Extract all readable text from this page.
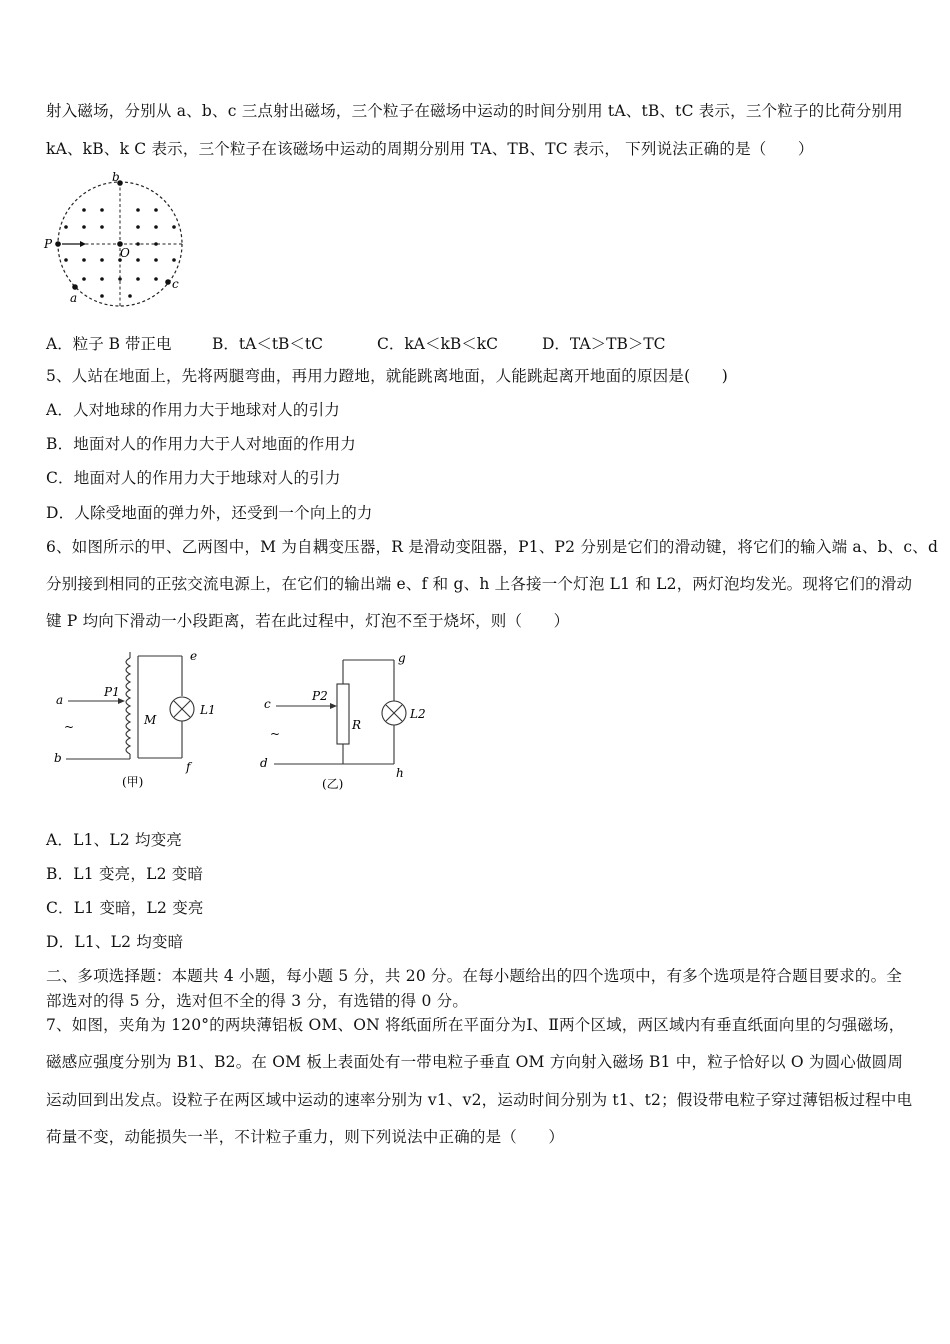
射入磁场，分别从 a、b、c 三点射出磁场，三个粒子在磁场中运动的时间分别用 tA、tB、tC 表示，三个粒子的比荷分别用
kA、kB、k C 表示，三个粒子在该磁场中运动的周期分别用 TA、TB、TC 表示， 下列说法正确的是（　　）
b
P
O
a
c
A．粒子 B 带正电	B．tA＜tB＜tC	C．kA＜kB＜kC	D．TA＞TB＞TC
5、人站在地面上，先将两腿弯曲，再用力蹬地，就能跳离地面，人能跳起离开地面的原因是(　　)
A．人对地球的作用力大于地球对人的引力
B．地面对人的作用力大于人对地面的作用力
C．地面对人的作用力大于地球对人的引力
D．人除受地面的弹力外，还受到一个向上的力
6、如图所示的甲、乙两图中，M 为自耦变压器，R 是滑动变阻器，P1、P2 分别是它们的滑动键，将它们的输入端 a、b、c、d
分别接到相同的正弦交流电源上，在它们的输出端 e、f 和 g、h 上各接一个灯泡 L1 和 L2，两灯泡均发光。现将它们的滑动
键 P 均向下滑动一小段距离，若在此过程中，灯泡不至于烧坏，则（　　）
a
~
b
P1
M
e
f
L1
(甲)
c
~
d
P2
R
g
h
L2
(乙)
A．L1、L2 均变亮
B．L1 变亮，L2 变暗
C．L1 变暗，L2 变亮
D．L1、L2 均变暗
二、多项选择题：本题共 4 小题，每小题 5 分，共 20 分。在每小题给出的四个选项中，有多个选项是符合题目要求的。全
部选对的得 5 分，选对但不全的得 3 分，有选错的得 0 分。
7、如图，夹角为 120°的两块薄铝板 OM、ON 将纸面所在平面分为Ⅰ、Ⅱ两个区域，两区域内有垂直纸面向里的匀强磁场，
磁感应强度分别为 B1、B2。在 OM 板上表面处有一带电粒子垂直 OM 方向射入磁场 B1 中，粒子恰好以 O 为圆心做圆周
运动回到出发点。设粒子在两区域中运动的速率分别为 v1、v2，运动时间分别为 t1、t2；假设带电粒子穿过薄铝板过程中电
荷量不变，动能损失一半，不计粒子重力，则下列说法中正确的是（　　）
